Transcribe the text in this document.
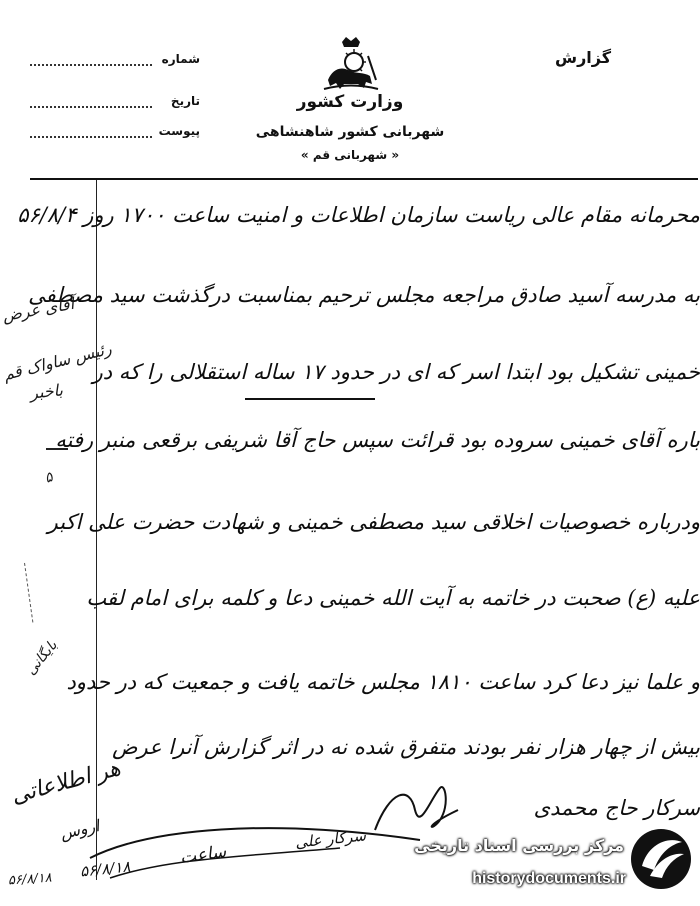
گزارش
شماره
تاریخ
پیوست
وزارت کشور
شهربانی کشور شاهنشاهی
« شهربانی قم »
محرمانه مقام عالی ریاست سازمان اطلاعات و امنیت ساعت ۱۷۰۰ روز ۵۶/۸/۴
به مدرسه آسید صادق مراجعه مجلس ترحیم بمناسبت درگذشت سید مصطفی
خمینی تشکیل بود ابتدا اسر که ای در حدود ۱۷ ساله استقلالی را که در
باره آقای خمینی سروده بود قرائت سپس حاج آقا شریفی برقعی منبر رفته
ودرباره خصوصیات اخلاقی سید مصطفی خمینی و شهادت حضرت علی اکبر
علیه (ع) صحبت در خاتمه به آیت الله خمینی دعا و کلمه برای امام لقب
و علما نیز دعا کرد ساعت ۱۸۱۰ مجلس خاتمه یافت و جمعیت که در حدود
بیش از چهار هزار نفر بودند متفرق شده نه در اثر گزارش آنرا عرض
سرکار حاج محمدی
آقای عرض
رئیس ساواک قم
باخبر
۵
بایگانی
هر اطلاعاتی
اروس
ساعت
سرکار علی
۵۶/۸/۱۸
۵۶/۸/۱۸
مرکز بررسی اسناد تاریخی
historydocuments.ir
